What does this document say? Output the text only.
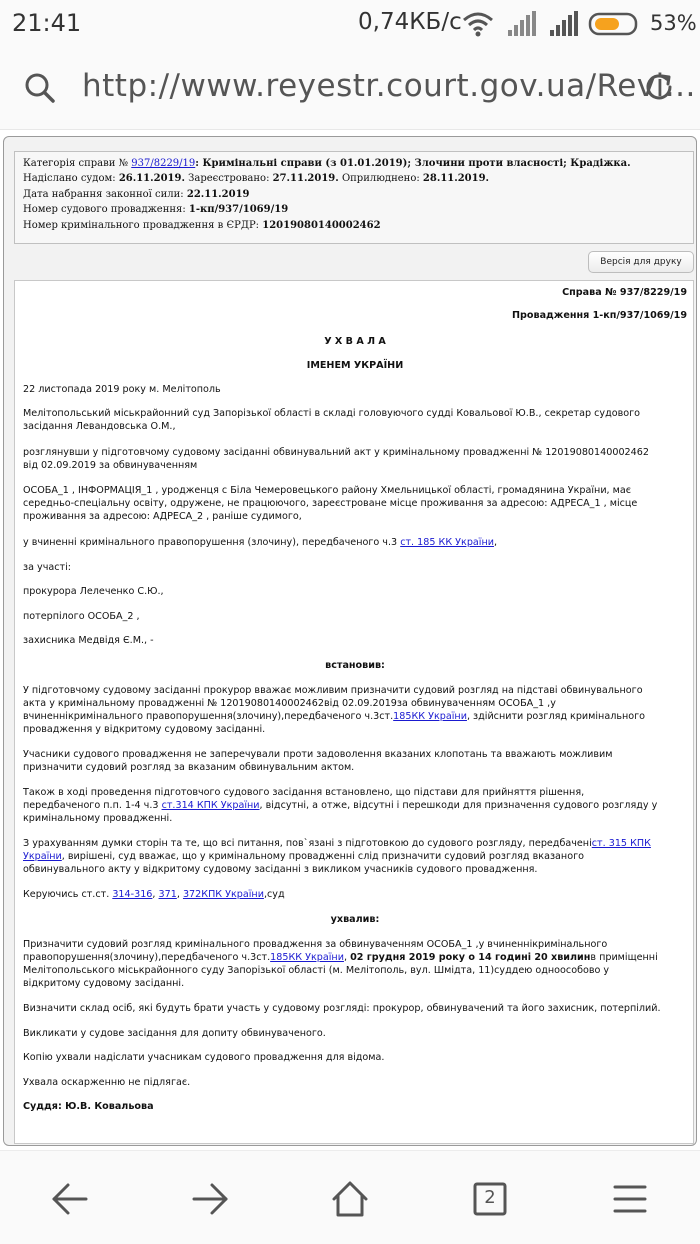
21:41	0,74КБ/с	53%
http://www.reyestr.court.gov.ua/Revi...
Категорія справи № 937/8229/19: Кримінальні справи (з 01.01.2019); Злочини проти власності; Крадіжка.
Надіслано судом: 26.11.2019. Зареєстровано: 27.11.2019. Оприлюднено: 28.11.2019.
Дата набрання законної сили: 22.11.2019
Номер судового провадження: 1-кп/937/1069/19
Номер кримінального провадження в ЄРДР: 12019080140002462
Версія для друку
Справа № 937/8229/19
Провадження 1-кп/937/1069/19
У Х В А Л А
ІМЕНЕМ УКРАЇНИ
22 листопада 2019 року м. Мелітополь
Мелітопольський міськрайонний суд Запорізької області в складі головуючого судді Ковальової Ю.В., секретар судового
засідання Левандовська О.М.,
розглянувши у підготовчому судовому засіданні обвинувальний акт у кримінальному провадженні № 12019080140002462
від 02.09.2019 за обвинуваченням
ОСОБА_1 , ІНФОРМАЦІЯ_1 , уродженця с Біла Чемеровецького району Хмельницької області, громадянина України, має
середньо-спеціальну освіту, одружене, не працюючого, зареєстроване місце проживання за адресою: АДРЕСА_1 , місце
проживання за адресою: АДРЕСА_2 , раніше судимого,
у вчиненні кримінального правопорушення (злочину), передбаченого ч.3 ст. 185 КК України,
за участі:
прокурора Лелеченко С.Ю.,
потерпілого ОСОБА_2 ,
захисника Медвідя Є.М., -
встановив:
У підготовчому судовому засіданні прокурор вважає можливим призначити судовий розгляд на підставі обвинувального
акта у кримінальному провадженні № 12019080140002462від 02.09.2019за обвинуваченням ОСОБА_1 ,у
вчиненнікримінального правопорушення(злочину),передбаченого ч.3ст.185КК України, здійснити розгляд кримінального
провадження у відкритому судовому засіданні.
Учасники судового провадження не заперечували проти задоволення вказаних клопотань та вважають можливим
призначити судовий розгляд за вказаним обвинувальним актом.
Також в ході проведення підготовчого судового засідання встановлено, що підстави для прийняття рішення,
передбаченого п.п. 1-4 ч.3 ст.314 КПК України, відсутні, а отже, відсутні і перешкоди для призначення судового розгляду у
кримінальному провадженні.
З урахуванням думки сторін та те, що всі питання, пов`язані з підготовкою до судового розгляду, передбаченіст. 315 КПК
України, вирішені, суд вважає, що у кримінальному провадженні слід призначити судовий розгляд вказаного
обвинувального акту у відкритому судовому засіданні з викликом учасників судового провадження.
Керуючись ст.ст. 314-316, 371, 372КПК України,суд
ухвалив:
Призначити судовий розгляд кримінального провадження за обвинуваченням ОСОБА_1 ,у вчиненнікримінального
правопорушення(злочину),передбаченого ч.3ст.185КК України, 02 грудня 2019 року о 14 годині 20 хвилинв приміщенні
Мелітопольського міськрайонного суду Запорізької області (м. Мелітополь, вул. Шмідта, 11)суддею одноособово у
відкритому судовому засіданні.
Визначити склад осіб, які будуть брати участь у судовому розгляді: прокурор, обвинувачений та його захисник, потерпілий.
Викликати у судове засідання для допиту обвинуваченого.
Копію ухвали надіслати учасникам судового провадження для відома.
Ухвала оскарженню не підлягає.
Суддя: Ю.В. Ковальова
2
